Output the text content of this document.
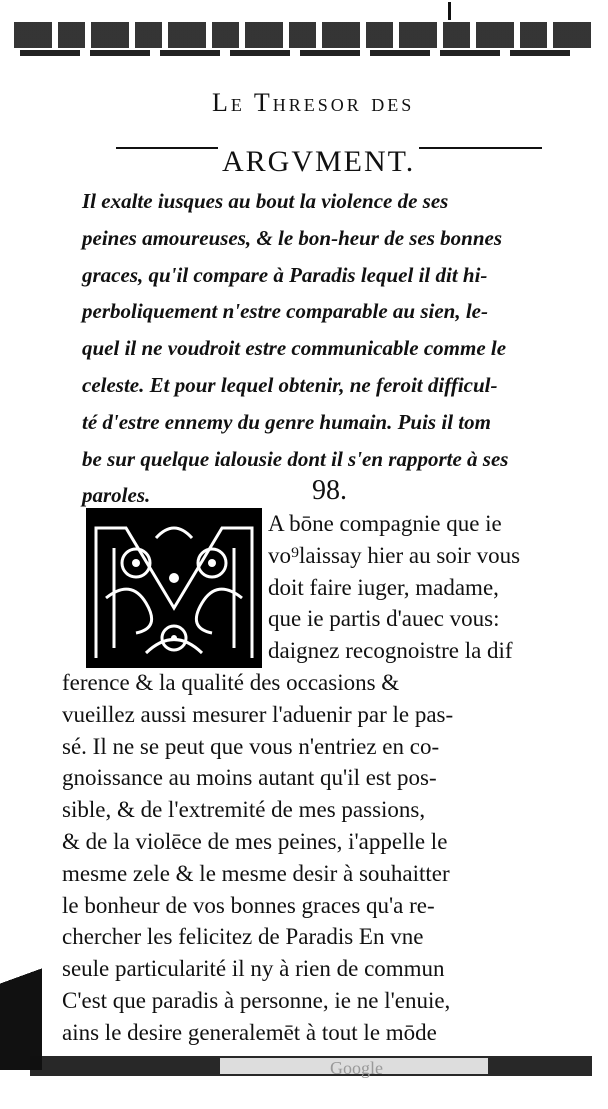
Le Thresor des
ARGVMENT.
Il exalte iusques au bout la violence de ses
peines amoureuses, & le bon-heur de ses bonnes
graces, qu'il compare à Paradis lequel il dit hi-
perboliquement n'estre comparable au sien, le-
quel il ne voudroit estre communicable comme le
celeste. Et pour lequel obtenir, ne feroit difficul-
té d'estre ennemy du genre humain. Puis il tom
be sur quelque ialousie dont il s'en rapporte à ses
paroles.	98.
A bōne compagnie que ie
vo⁹laissay hier au soir vous
doit faire iuger, madame,
que ie partis d'auec vous:
daignez recognoistre la dif
ference & la qualité des occasions &
vueillez aussi mesurer l'aduenir par le pas-
sé. Il ne se peut que vous n'entriez en co-
gnoissance au moins autant qu'il est pos-
sible, & de l'extremité de mes passions,
& de la violēce de mes peines, i'appelle le
mesme zele & le mesme desir à souhaitter
le bonheur de vos bonnes graces qu'a re-
chercher les felicitez de Paradis En vne
seule particularité il ny à rien de commun
C'est que paradis à personne, ie ne l'enuie,
ains le desire generalemēt à tout le mōde
Google
